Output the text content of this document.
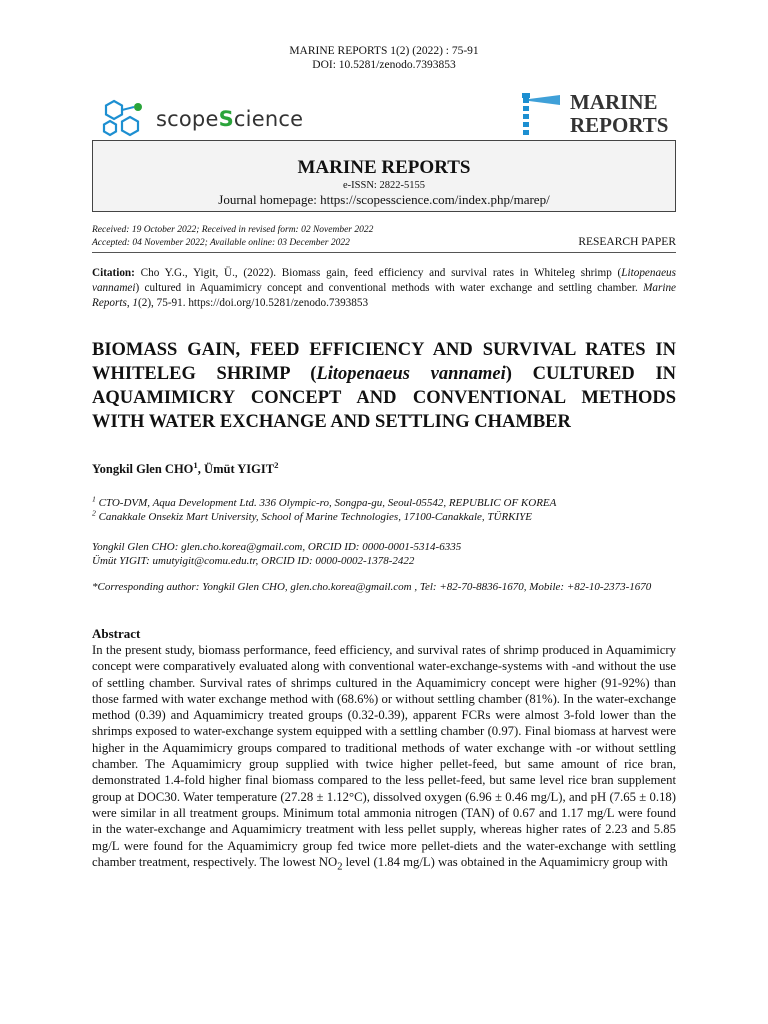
MARINE REPORTS 1(2) (2022) : 75-91
DOI: 10.5281/zenodo.7393853
scopeScience
MARINE
REPORTS
MARINE REPORTS
e-ISSN: 2822-5155
Journal homepage: https://scopesscience.com/index.php/marep/
Received: 19 October 2022; Received in revised form: 02 November 2022
Accepted: 04 November 2022; Available online: 03 December 2022	RESEARCH PAPER
Citation: Cho Y.G., Yigit, Ü., (2022). Biomass gain, feed efficiency and survival rates in Whiteleg shrimp (Litopenaeus vannamei) cultured in Aquamimicry concept and conventional methods with water exchange and settling chamber. Marine Reports, 1(2), 75-91. https://doi.org/10.5281/zenodo.7393853
BIOMASS GAIN, FEED EFFICIENCY AND SURVIVAL RATES IN WHITELEG SHRIMP (Litopenaeus vannamei) CULTURED IN AQUAMIMICRY CONCEPT AND CONVENTIONAL METHODS WITH WATER EXCHANGE AND SETTLING CHAMBER
Yongkil Glen CHO$^1$, Ümüt YIGIT$^2$
$^1$ CTO-DVM, Aqua Development Ltd. 336 Olympic-ro, Songpa-gu, Seoul-05542, REPUBLIC OF KOREA
$^2$ Canakkale Onsekiz Mart University, School of Marine Technologies, 17100-Canakkale, TÜRKIYE
Yongkil Glen CHO: glen.cho.korea@gmail.com, ORCID ID: 0000-0001-5314-6335
Ümüt YIGIT: umutyigit@comu.edu.tr, ORCID ID: 0000-0002-1378-2422
*Corresponding author: Yongkil Glen CHO, glen.cho.korea@gmail.com , Tel: +82-70-8836-1670, Mobile: +82-10-2373-1670
Abstract
In the present study, biomass performance, feed efficiency, and survival rates of shrimp produced in Aquamimicry concept were comparatively evaluated along with conventional water-exchange-systems with -and without the use of settling chamber. Survival rates of shrimps cultured in the Aquamimicry concept were higher (91-92%) than those farmed with water exchange method with (68.6%) or without settling chamber (81%). In the water-exchange method (0.39) and Aquamimicry treated groups (0.32-0.39), apparent FCRs were almost 3-fold lower than the shrimps exposed to water-exchange system equipped with a settling chamber (0.97). Final biomass at harvest were higher in the Aquamimicry groups compared to traditional methods of water exchange with -or without settling chamber. The Aquamimicry group supplied with twice higher pellet-feed, but same amount of rice bran, demonstrated 1.4-fold higher final biomass compared to the less pellet-feed, but same level rice bran supplement group at DOC30. Water temperature (27.28 ± 1.12°C), dissolved oxygen (6.96 ± 0.46 mg/L), and pH (7.65 ± 0.18) were similar in all treatment groups. Minimum total ammonia nitrogen (TAN) of 0.67 and 1.17 mg/L were found in the water-exchange and Aquamimicry treatment with less pellet supply, whereas higher rates of 2.23 and 5.85 mg/L were found for the Aquamimicry group fed twice more pellet-diets and the water-exchange with settling chamber treatment, respectively. The lowest $NO_2$ level (1.84 mg/L) was obtained in the Aquamimicry group with
